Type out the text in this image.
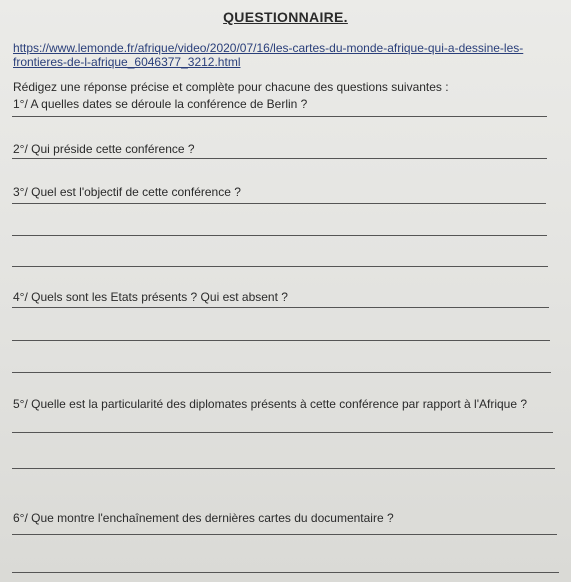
QUESTIONNAIRE.
https://www.lemonde.fr/afrique/video/2020/07/16/les-cartes-du-monde-afrique-qui-a-dessine-les-frontieres-de-l-afrique_6046377_3212.html
Rédigez une réponse précise et complète pour chacune des questions suivantes :
1°/ A quelles dates se déroule la conférence de Berlin ?
2°/ Qui préside cette conférence ?
3°/ Quel est l'objectif de cette conférence ?
4°/ Quels sont les Etats présents ? Qui est absent ?
5°/ Quelle est la particularité des diplomates présents à cette conférence par rapport à l'Afrique ?
6°/ Que montre l'enchaînement des dernières cartes du documentaire ?
